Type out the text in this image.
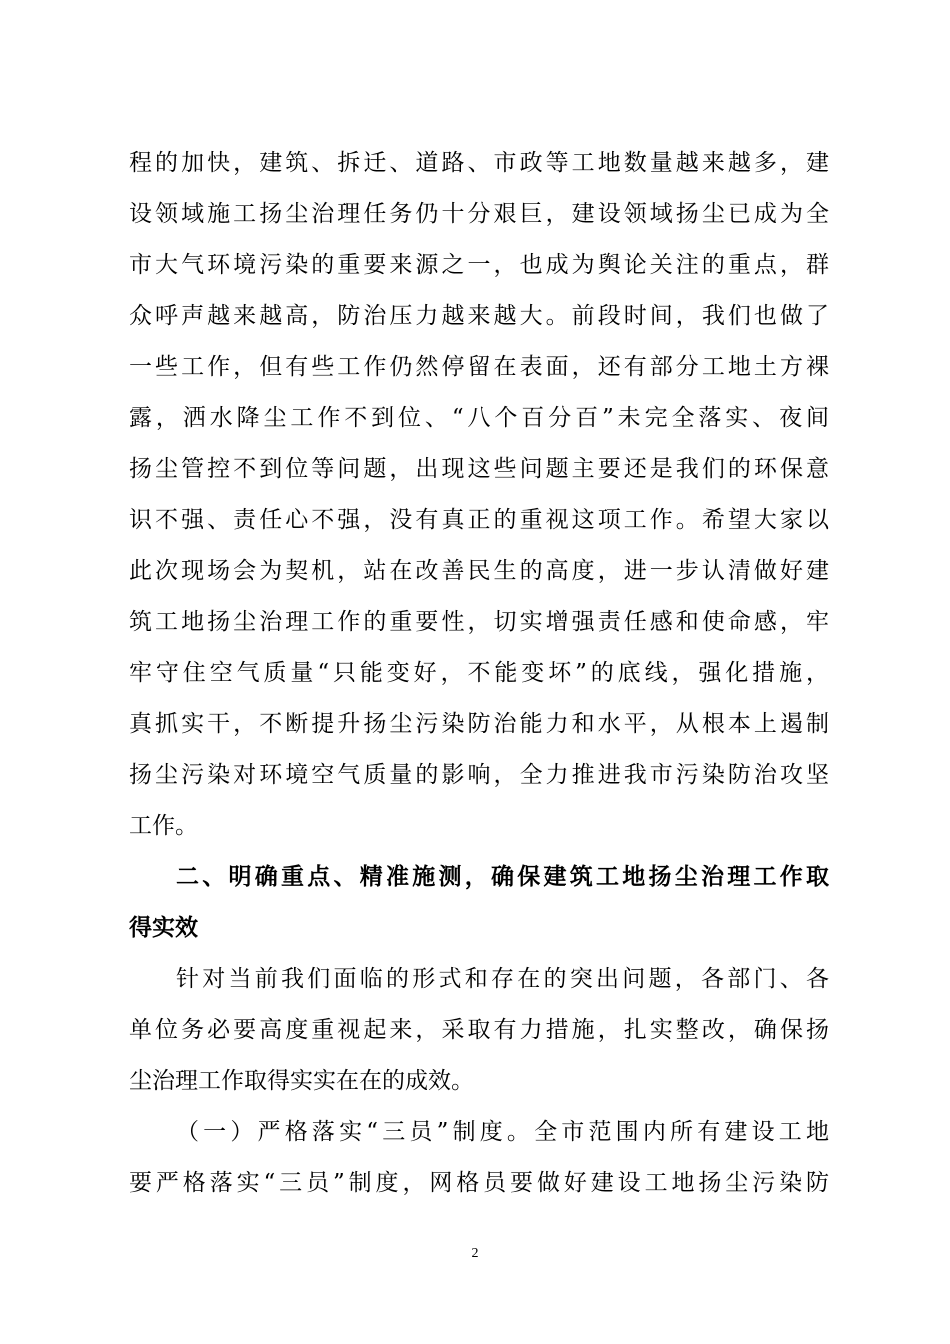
程的加快，建筑、拆迁、道路、市政等工地数量越来越多，建
设领域施工扬尘治理任务仍十分艰巨，建设领域扬尘已成为全
市大气环境污染的重要来源之一，也成为舆论关注的重点，群
众呼声越来越高，防治压力越来越大。前段时间，我们也做了
一些工作，但有些工作仍然停留在表面，还有部分工地土方裸
露，洒水降尘工作不到位、“八个百分百”未完全落实、夜间
扬尘管控不到位等问题，出现这些问题主要还是我们的环保意
识不强、责任心不强，没有真正的重视这项工作。希望大家以
此次现场会为契机，站在改善民生的高度，进一步认清做好建
筑工地扬尘治理工作的重要性，切实增强责任感和使命感，牢
牢守住空气质量“只能变好，不能变坏”的底线，强化措施，
真抓实干，不断提升扬尘污染防治能力和水平，从根本上遏制
扬尘污染对环境空气质量的影响，全力推进我市污染防治攻坚
工作。
二、明确重点、精准施测，确保建筑工地扬尘治理工作取
得实效
针对当前我们面临的形式和存在的突出问题，各部门、各
单位务必要高度重视起来，采取有力措施，扎实整改，确保扬
尘治理工作取得实实在在的成效。
（一）严格落实“三员”制度。全市范围内所有建设工地
要严格落实“三员”制度，网格员要做好建设工地扬尘污染防
2
